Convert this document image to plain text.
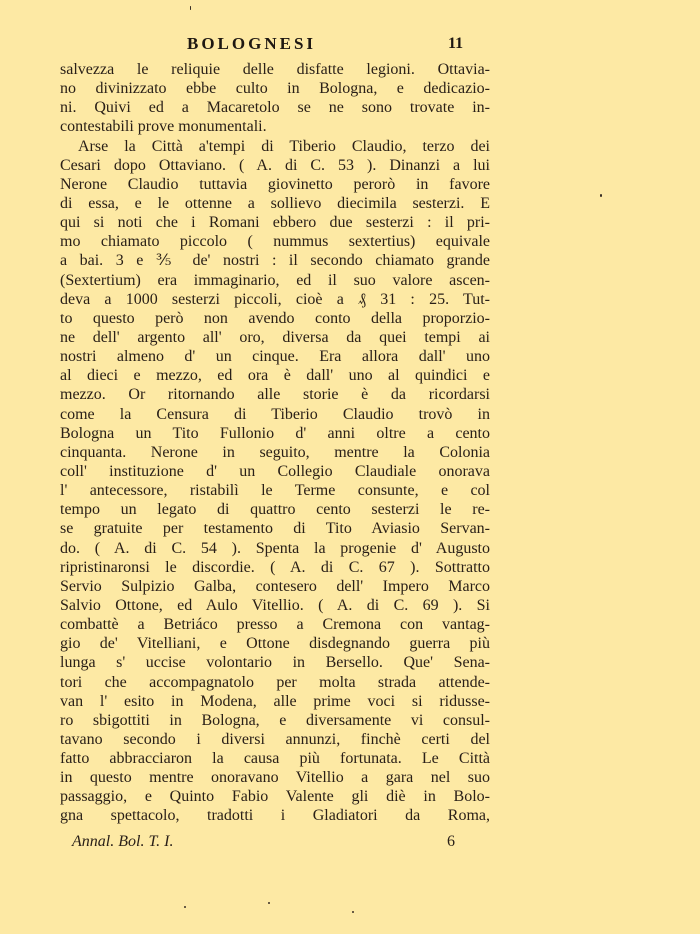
BOLOGNESI	11
salvezza le reliquie delle disfatte legioni. Ottavia-
no divinizzato ebbe culto in Bologna, e dedicazio-
ni. Quivi ed a Macaretolo se ne sono trovate in-
contestabili prove monumentali.
Arse la Città a'tempi di Tiberio Claudio, terzo dei
Cesari dopo Ottaviano. ( A. di C. 53 ). Dinanzi a lui
Nerone Claudio tuttavia giovinetto perorò in favore
di essa, e le ottenne a sollievo diecimila sesterzi. E
qui si noti che i Romani ebbero due sesterzi : il pri-
mo chiamato piccolo ( nummus sextertius) equivale
a bai. 3 e ⅗ de' nostri : il secondo chiamato grande
(Sextertium) era immaginario, ed il suo valore ascen-
deva a 1000 sesterzi piccoli, cioè a ₰ 31 : 25. Tut-
to questo però non avendo conto della proporzio-
ne dell' argento all' oro, diversa da quei tempi ai
nostri almeno d' un cinque. Era allora dall' uno
al dieci e mezzo, ed ora è dall' uno al quindici e
mezzo. Or ritornando alle storie è da ricordarsi
come la Censura di Tiberio Claudio trovò in
Bologna un Tito Fullonio d' anni oltre a cento
cinquanta. Nerone in seguito, mentre la Colonia
coll' instituzione d' un Collegio Claudiale onorava
l' antecessore, ristabilì le Terme consunte, e col
tempo un legato di quattro cento sesterzi le re-
se gratuite per testamento di Tito Aviasio Servan-
do. ( A. di C. 54 ). Spenta la progenie d' Augusto
ripristinaronsi le discordie. ( A. di C. 67 ). Sottratto
Servio Sulpizio Galba, contesero dell' Impero Marco
Salvio Ottone, ed Aulo Vitellio. ( A. di C. 69 ). Si
combattè a Betriáco presso a Cremona con vantag-
gio de' Vitelliani, e Ottone disdegnando guerra più
lunga s' uccise volontario in Bersello. Que' Sena-
tori che accompagnatolo per molta strada attende-
van l' esito in Modena, alle prime voci si ridusse-
ro sbigottiti in Bologna, e diversamente vi consul-
tavano secondo i diversi annunzi, finchè certi del
fatto abbracciaron la causa più fortunata. Le Città
in questo mentre onoravano Vitellio a gara nel suo
passaggio, e Quinto Fabio Valente gli diè in Bolo-
gna spettacolo, tradotti i Gladiatori da Roma,
Annal. Bol. T. I.	6
